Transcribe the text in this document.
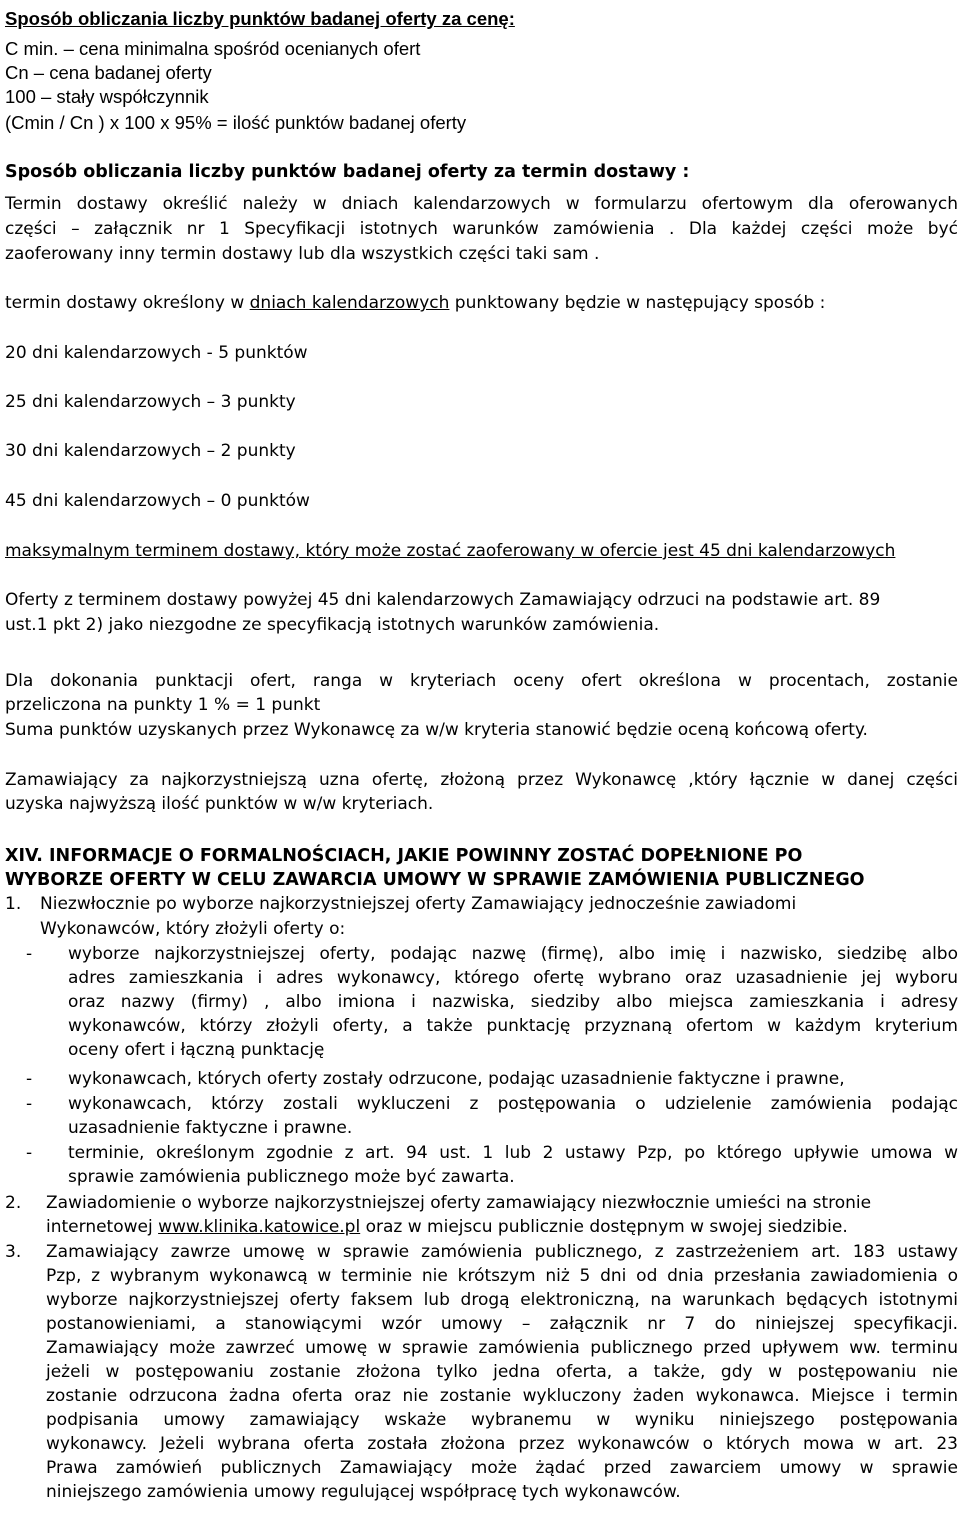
Sposób obliczania liczby punktów badanej oferty za cenę:

C min. – cena minimalna spośród ocenianych ofert

Cn – cena badanej oferty

100 – stały współczynnik

(Cmin / Cn ) x 100 x 95% = ilość punktów badanej oferty

Sposób obliczania liczby punktów badanej oferty za termin dostawy :

Termin dostawy określić należy w dniach kalendarzowych w formularzu ofertowym dla oferowanych

części – załącznik nr 1 Specyfikacji istotnych warunków zamówienia . Dla każdej części może być

zaoferowany inny termin dostawy lub dla wszystkich części taki sam .

termin dostawy określony w dniach kalendarzowych punktowany będzie w następujący sposób :

20 dni kalendarzowych - 5 punktów

25 dni kalendarzowych – 3 punkty

30 dni kalendarzowych – 2 punkty

45 dni kalendarzowych – 0 punktów

maksymalnym terminem dostawy, który może zostać zaoferowany w ofercie jest 45 dni kalendarzowych

Oferty z terminem dostawy powyżej 45 dni kalendarzowych Zamawiający odrzuci na podstawie art. 89

ust.1 pkt 2) jako niezgodne ze specyfikacją istotnych warunków zamówienia.

Dla dokonania punktacji ofert, ranga w kryteriach oceny ofert określona w procentach, zostanie

przeliczona na punkty 1 % = 1 punkt

Suma punktów uzyskanych przez Wykonawcę za w/w kryteria stanowić będzie oceną końcową oferty.

Zamawiający za najkorzystniejszą uzna ofertę, złożoną przez Wykonawcę ,który łącznie w danej części

uzyska najwyższą ilość punktów w w/w kryteriach.

XIV. INFORMACJE O FORMALNOŚCIACH, JAKIE POWINNY ZOSTAĆ DOPEŁNIONE PO

WYBORZE OFERTY W CELU ZAWARCIA UMOWY W SPRAWIE ZAMÓWIENIA PUBLICZNEGO

1. Niezwłocznie po wyborze najkorzystniejszej oferty Zamawiający jednocześnie zawiadomi

Wykonawców, który złożyli oferty o:

- wyborze najkorzystniejszej oferty, podając nazwę (firmę), albo imię i nazwisko, siedzibę albo
adres zamieszkania i adres wykonawcy, którego ofertę wybrano oraz uzasadnienie jej wyboru
oraz nazwy (firmy) , albo imiona i nazwiska, siedziby albo miejsca zamieszkania i adresy
wykonawców, którzy złożyli oferty, a także punktację przyznaną ofertom w każdym kryterium
oceny ofert i łączną punktację

- wykonawcach, których oferty zostały odrzucone, podając uzasadnienie faktyczne i prawne,

- wykonawcach, którzy zostali wykluczeni z postępowania o udzielenie zamówienia podając
uzasadnienie faktyczne i prawne.

- terminie, określonym zgodnie z art. 94 ust. 1 lub 2 ustawy Pzp, po którego upływie umowa w
sprawie zamówienia publicznego może być zawarta.

2. Zawiadomienie o wyborze najkorzystniejszej oferty zamawiający niezwłocznie umieści na stronie

internetowej www.klinika.katowice.pl oraz w miejscu publicznie dostępnym w swojej siedzibie.

3. Zamawiający zawrze umowę w sprawie zamówienia publicznego, z zastrzeżeniem art. 183 ustawy
Pzp, z wybranym wykonawcą w terminie nie krótszym niż 5 dni od dnia przesłania zawiadomienia o
wyborze najkorzystniejszej oferty faksem lub drogą elektroniczną, na warunkach będących istotnymi
postanowieniami, a stanowiącymi wzór umowy – załącznik nr 7 do niniejszej specyfikacji.
Zamawiający może zawrzeć umowę w sprawie zamówienia publicznego przed upływem ww. terminu
jeżeli w postępowaniu zostanie złożona tylko jedna oferta, a także, gdy w postępowaniu nie
zostanie odrzucona żadna oferta oraz nie zostanie wykluczony żaden wykonawca. Miejsce i termin
podpisania umowy zamawiający wskaże wybranemu w wyniku niniejszego postępowania
wykonawcy. Jeżeli wybrana oferta została złożona przez wykonawców o których mowa w art. 23
Prawa zamówień publicznych Zamawiający może żądać przed zawarciem umowy w sprawie
niniejszego zamówienia umowy regulującej współpracę tych wykonawców.
